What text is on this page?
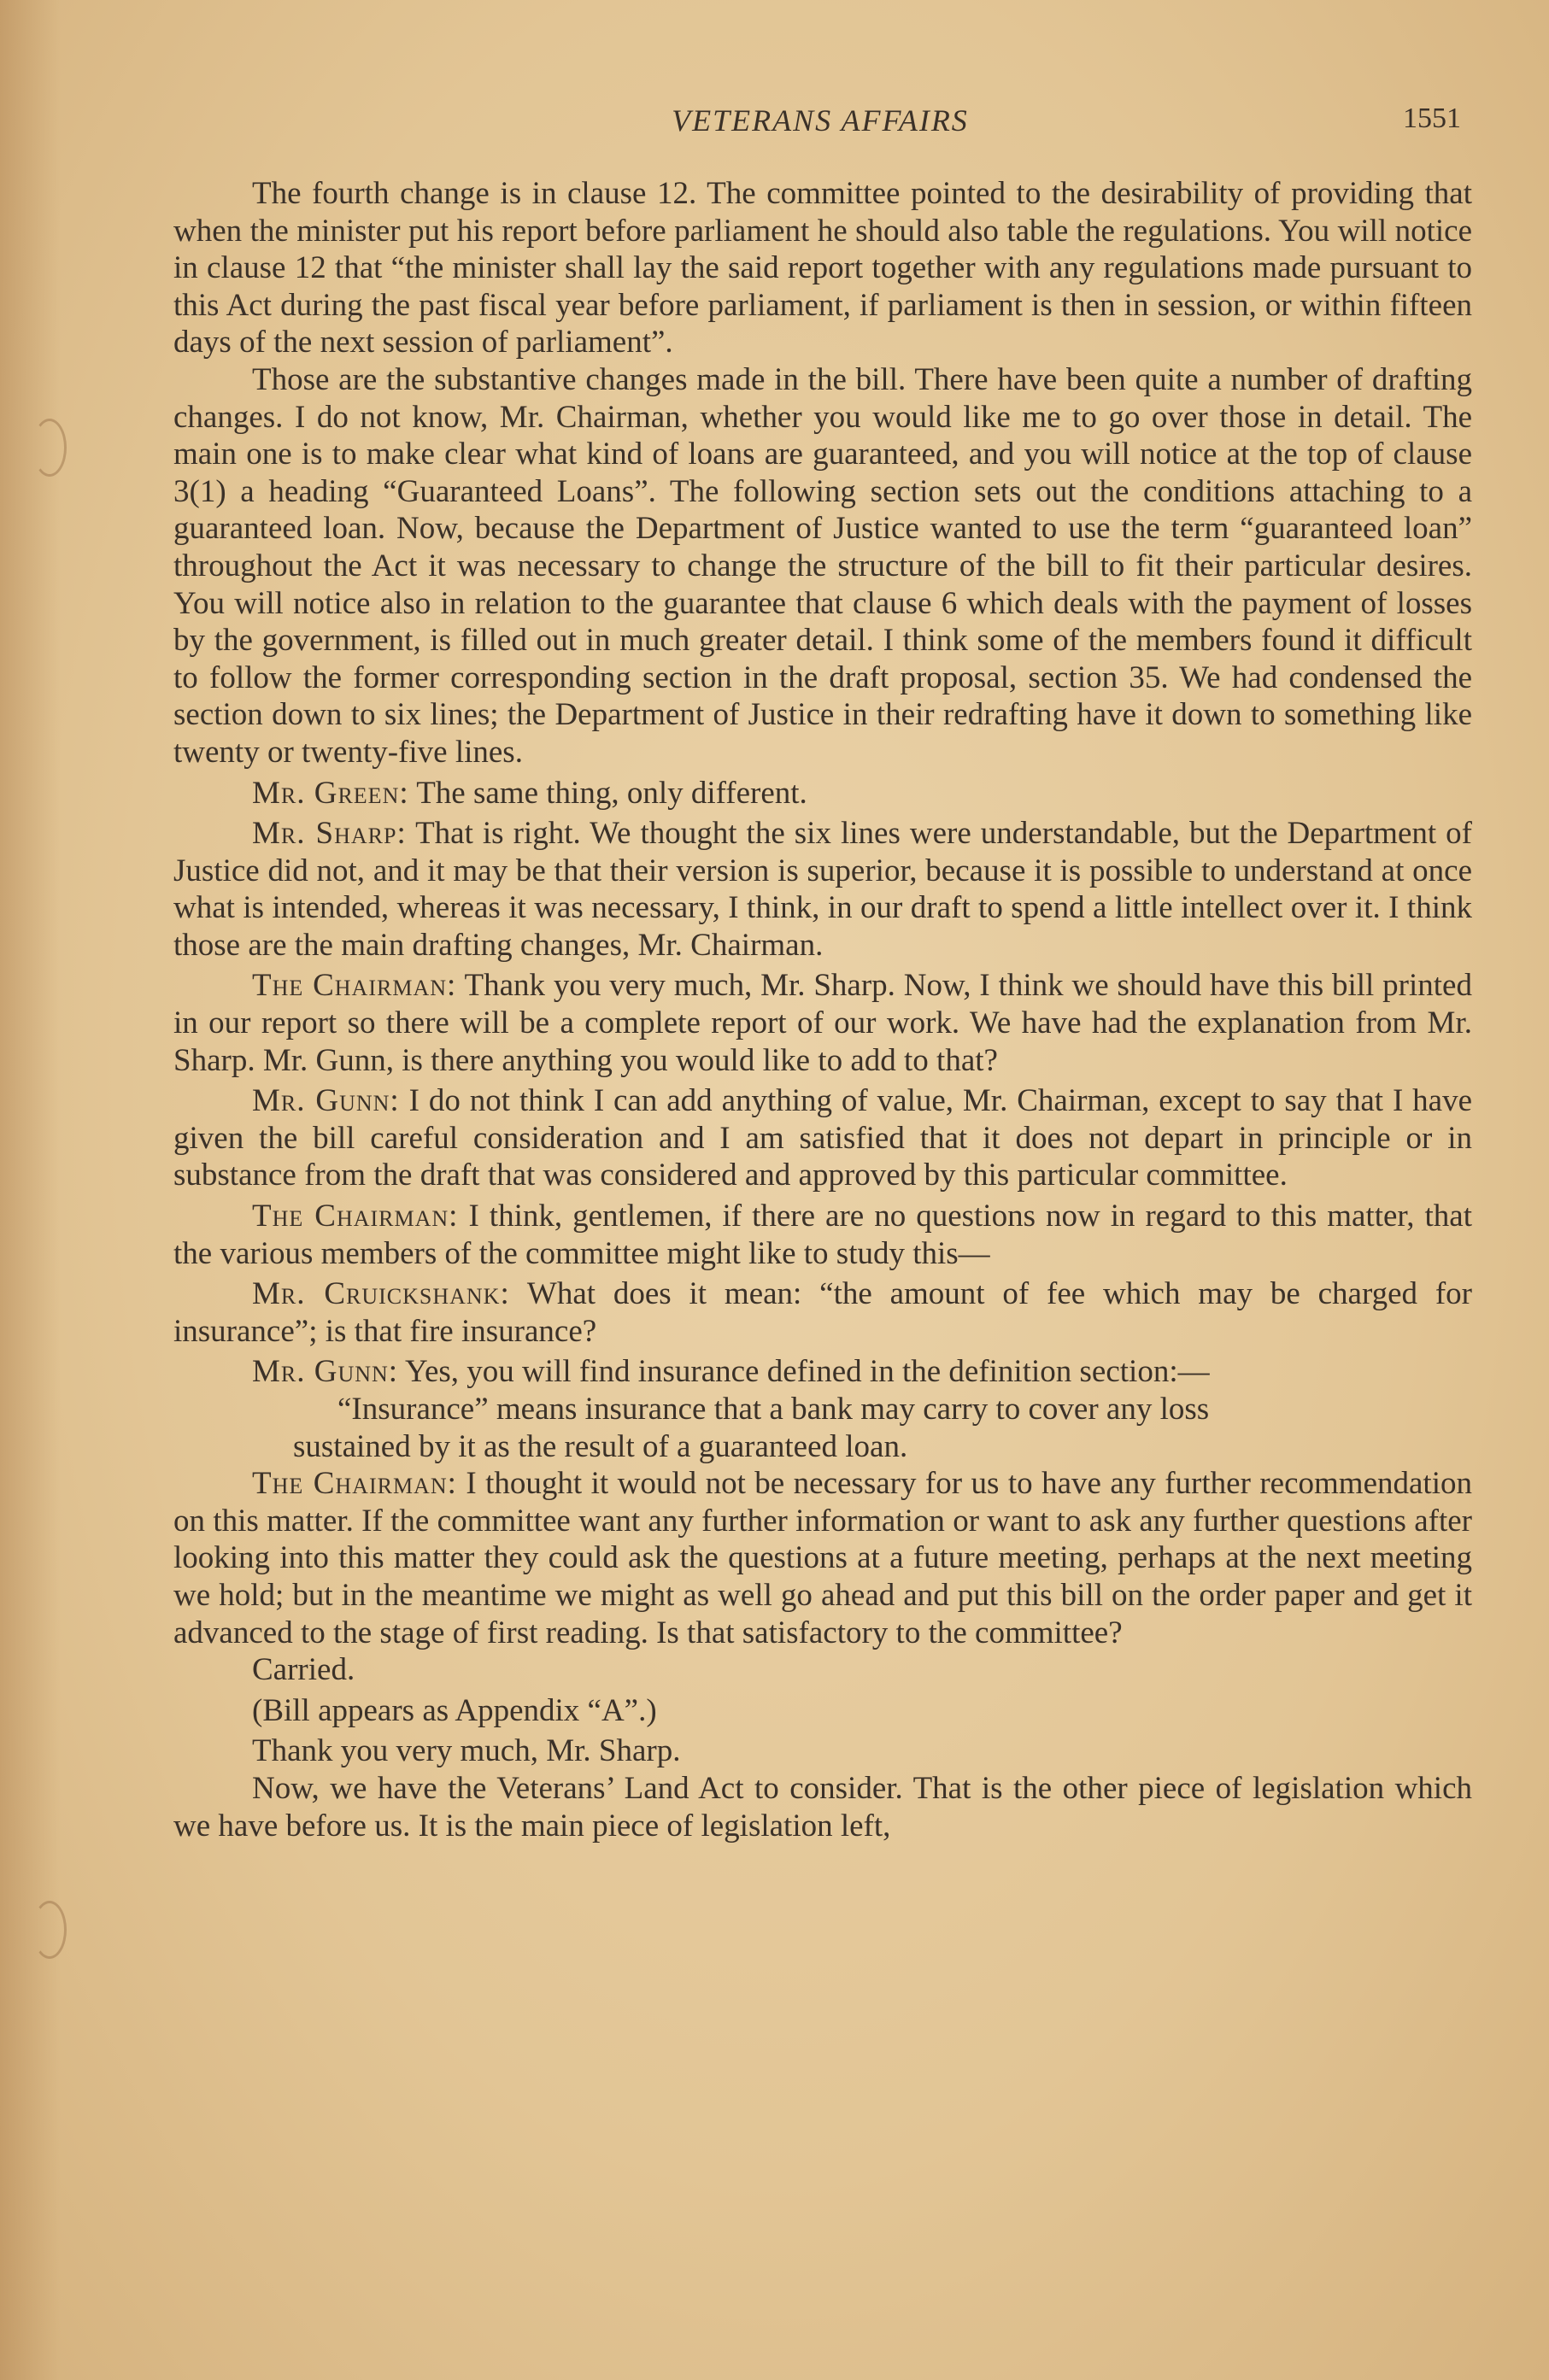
VETERANS AFFAIRS	1551

The fourth change is in clause 12. The committee pointed to the desirability of providing that when the minister put his report before parliament he should also table the regulations. You will notice in clause 12 that “the minister shall lay the said report together with any regulations made pursuant to this Act during the past fiscal year before parliament, if parliament is then in session, or within fifteen days of the next session of parliament”.

Those are the substantive changes made in the bill. There have been quite a number of drafting changes. I do not know, Mr. Chairman, whether you would like me to go over those in detail. The main one is to make clear what kind of loans are guaranteed, and you will notice at the top of clause 3(1) a heading “Guaranteed Loans”. The following section sets out the conditions attaching to a guaranteed loan. Now, because the Department of Justice wanted to use the term “guaranteed loan” throughout the Act it was necessary to change the structure of the bill to fit their particular desires. You will notice also in relation to the guarantee that clause 6 which deals with the payment of losses by the government, is filled out in much greater detail. I think some of the members found it difficult to follow the former corresponding section in the draft proposal, section 35. We had condensed the section down to six lines; the Department of Justice in their redrafting have it down to something like twenty or twenty-five lines.

Mr. Green: The same thing, only different.

Mr. Sharp: That is right. We thought the six lines were understandable, but the Department of Justice did not, and it may be that their version is superior, because it is possible to understand at once what is intended, whereas it was necessary, I think, in our draft to spend a little intellect over it. I think those are the main drafting changes, Mr. Chairman.

The Chairman: Thank you very much, Mr. Sharp. Now, I think we should have this bill printed in our report so there will be a complete report of our work. We have had the explanation from Mr. Sharp. Mr. Gunn, is there anything you would like to add to that?

Mr. Gunn: I do not think I can add anything of value, Mr. Chairman, except to say that I have given the bill careful consideration and I am satisfied that it does not depart in principle or in substance from the draft that was considered and approved by this particular committee.

The Chairman: I think, gentlemen, if there are no questions now in regard to this matter, that the various members of the committee might like to study this—

Mr. Cruickshank: What does it mean: “the amount of fee which may be charged for insurance”; is that fire insurance?

Mr. Gunn: Yes, you will find insurance defined in the definition section:—

“Insurance” means insurance that a bank may carry to cover any loss
sustained by it as the result of a guaranteed loan.

The Chairman: I thought it would not be necessary for us to have any further recommendation on this matter. If the committee want any further information or want to ask any further questions after looking into this matter they could ask the questions at a future meeting, perhaps at the next meeting we hold; but in the meantime we might as well go ahead and put this bill on the order paper and get it advanced to the stage of first reading. Is that satisfactory to the committee?

Carried.

(Bill appears as Appendix “A”.)

Thank you very much, Mr. Sharp.

Now, we have the Veterans’ Land Act to consider. That is the other piece of legislation which we have before us. It is the main piece of legislation left,
